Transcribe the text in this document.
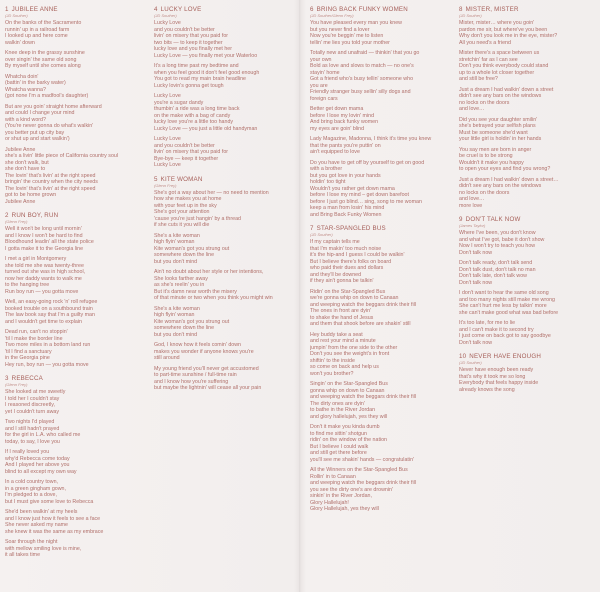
1 JUBILEE ANNE
(JD Souther)
On the banks of the Sacramento
runnin' up in a railroad farm
I looked up and here come
walkin' down
Knee deep in the grassy sunshine
over singin' the same old song
By myself until she comes along
Whatcha doin'
(battin' in the barky water)
Whatcha wanna?
(got none I'm a madfool's daughter)
But are you goin' straight home afterward
and could I change your mind
with a kind word?
(You're never gonna do what's walkin'
you better put up city bay
or shut up and start walkin')
Jubilee Anne
she's a livin' little piece of California country soul
she don't walk, but
she don't have to
The lovin' that's livin' at the right speed
bringin' the country when the city needs
The lovin' that's livin' at the right speed
got to be home grown
Jubilee Anne
2 RUN BOY, RUN
(Glenn Frey)
Well it won't be long until mornin'
and I know I won't be hard to find
Bloodhound leadin' all the state police
I gotta make it to the Georgia line
I met a girl in Montgomery
she told me she was twenty-three
turned out she was in high school,
now her daddy wants to walk me
to the hanging tree
Run boy run — you gotta move
Well, an easy-going rock 'n' roll refugee
booked trouble on a southbound train
The law book say that I'm a guilty man
and I wouldn't get time to explain
Dead run, can't no stoppin'
'til I make the border line
Two more miles in a bottom land run
'til I find a sanctuary
in the Georgia pine
Hey run, boy run — you gotta move
3 REBECCA
(Glenn Frey)
She looked at me sweetly
I told her I couldn't stay
I reasoned discreetly,
yet I couldn't turn away
Two nights I'd played
and I still hadn't prayed
for the girl in L.A. who called me
today, to say, I love you
If I really loved you
why'd Rebecca come today
And I played her above you
blind to all except my own way
In a cold country town,
in a green gingham gown,
I'm pledged to a dove,
but I must give some love to Rebecca
She'd been walkin' at my heels
and I know just how it feels to see a face
She never asked my name
she knew it was the same as my embrace
Soar through the night
with mellow smiling love is mine,
it all takes time
4 LUCKY LOVE
(JD Souther)
Lucky Love
and you couldn't be better
livin' on misery that you paid for
two bits — to keep it together
lucky love and you finally met her
Lucky Love — you finally met your Waterloo
It's a long time past my bedtime and
when you feel good it don't feel good enough
You got to read my main brain headline
Lucky lovin's gonna get tough
Lucky Love
you're a sugar dandy
thumbin' a ride was a long time back
on the make with a bag of candy
lucky love you're a little too handy
Lucky Love — you just a little old handyman
Lucky Love
and you couldn't be better
livin' on misery that you paid for
Bye-bye — keep it together
Lucky Love
5 KITE WOMAN
(Glenn Frey)
She's got a way about her — no need to mention
how she makes you at home
with your feet up in the sky
She's got your attention
'cause you're just hangin' by a thread
if she cuts it you will die
She's a kite woman
high flyin' woman
Kite woman's got you strung out
somewhere down the line
but you don't mind
Ain't no doubt about her style or her intentions,
She looks farther away
as she's reelin' you in
But it's damn near worth the misery
of that minute or two when you think you might win
She's a kite woman
high flyin' woman
Kite woman's got you strung out
somewhere down the line
but you don't mind
God, I know how it feels comin' down
makes you wonder if anyone knows you're
still around
My young friend you'll never get accustomed
to part-time sunshine / full-time rain
and I know how you're suffering
but maybe the lightnin' will cease all your pain
6 BRING BACK FUNKY WOMEN
(JD Souther/Glenn Frey)
You have pleased every man you knew
but you never find a lover
Now you're beggin' me to listen
tellin' me lies you told your mother
Totally new and unafraid — thinkin' that you go
your own
Bold as love and slows to match — no one's
stayin' home
Got a friend who's busy tellin' someone who
you are
Friendly stranger busy sellin' silly dogs and
foreign cars
Better get down mama
before I lose my lovin' mind
And bring back funky women
my eyes are goin' blind
Lady Magazine, Madonna, I think it's time you knew
that the pants you're puttin' on
ain't equipped to love
Do you have to get off by yourself to get on good
with a brother
but you got love in your hands
holdin' too tight
Wouldn't you rather get down mama
before I lose my mind – get down barefoot
before I just go blind… sing, song to me woman
keep a man from losin' his mind
and Bring Back Funky Women
7 STAR-SPANGLED BUS
(JD Souther)
If my captain tells me
that I'm makin' too much noise
it's the hip-and I guess I could be walkin'
But I believe there's folks on board
who paid their dues and dollars
and they'll be downed
if they ain't gonna be talkin'
Ridin' on the Star-Spangled Bus
we're gonna whip on down to Canaan
and weeping watch the beggars drink their fill
The ones in front are dyin'
to shake the hand of Jesus
and them that shook before are shakin' still
Hey buddy take a seat
and rest your mind a minute
jumpin' from the one side to the other
Don't you see the weight's in front
shiftin' to the inside
so come on back and help us
won't you brother?
Singin' on the Star-Spangled Bus
gonna whip on down to Canaan
and weeping watch the beggars drink their fill
The dirty ones are dyin'
to bathe in the River Jordan
and glory hallelujah, yes they will
Don't it make you kinda dumb
to find me sittin' shotgun
ridin' on the window of the nation
But I believe I could walk
and still get there before
you'll see me shakin' hands — congratulatin'
All the Winners on the Star-Spangled Bus
Rollin' in to Canaan
and weeping watch the beggars drink their fill
you see the dirty one's are drownin'
sinkin' in the River Jordan,
Glory Hallelujah!
Glory Hallelujah, yes they will
8 MISTER, MISTER
(JD Souther)
Mister, mister… where you goin'
pardon me sir, but where've you been
Why don't you look me in the eye, mister?
All you need's a friend
Mister there's a space between us
stretchin' far as I can see
Don't you think everybody could stand
up to a whole lot closer together
and still be free?
Just a dream I had walkin' down a street
didn't see any bars on the windows
no locks on the doors
and love…
Did you see your daughter smilin'
she's betrayed your selfish plans
Must be someone she'd want
your little girl is holdin' in her hands
You say men are born in anger
be cruel is to be strong
Wouldn't it make you happy
to open your eyes and find you wrong?
Just a dream I had walkin' down a street…
didn't see any bars on the windows
no locks on the doors
and love…
more love
9 DON'T TALK NOW
(James Taylor)
Where I've been, you don't know
and what I've got, babe it don't show
Now I won't try to teach you how
Don't talk now
Don't talk ready, don't talk send
Don't talk dust, don't talk no man
Don't talk late, don't talk wow
Don't talk now
I don't want to hear the same old song
and too many nights still make me wrong
She can't hurt me less by talkin' more
she can't make good what was bad before
It's too late, for me to lie
and I can't make it to second try
I just come on back got to say goodbye
Don't talk now
10 NEVER HAVE ENOUGH
(JD Souther)
Never have enough been ready
that's why it took me so long
Everybody that feels happy inside
already knows the song
